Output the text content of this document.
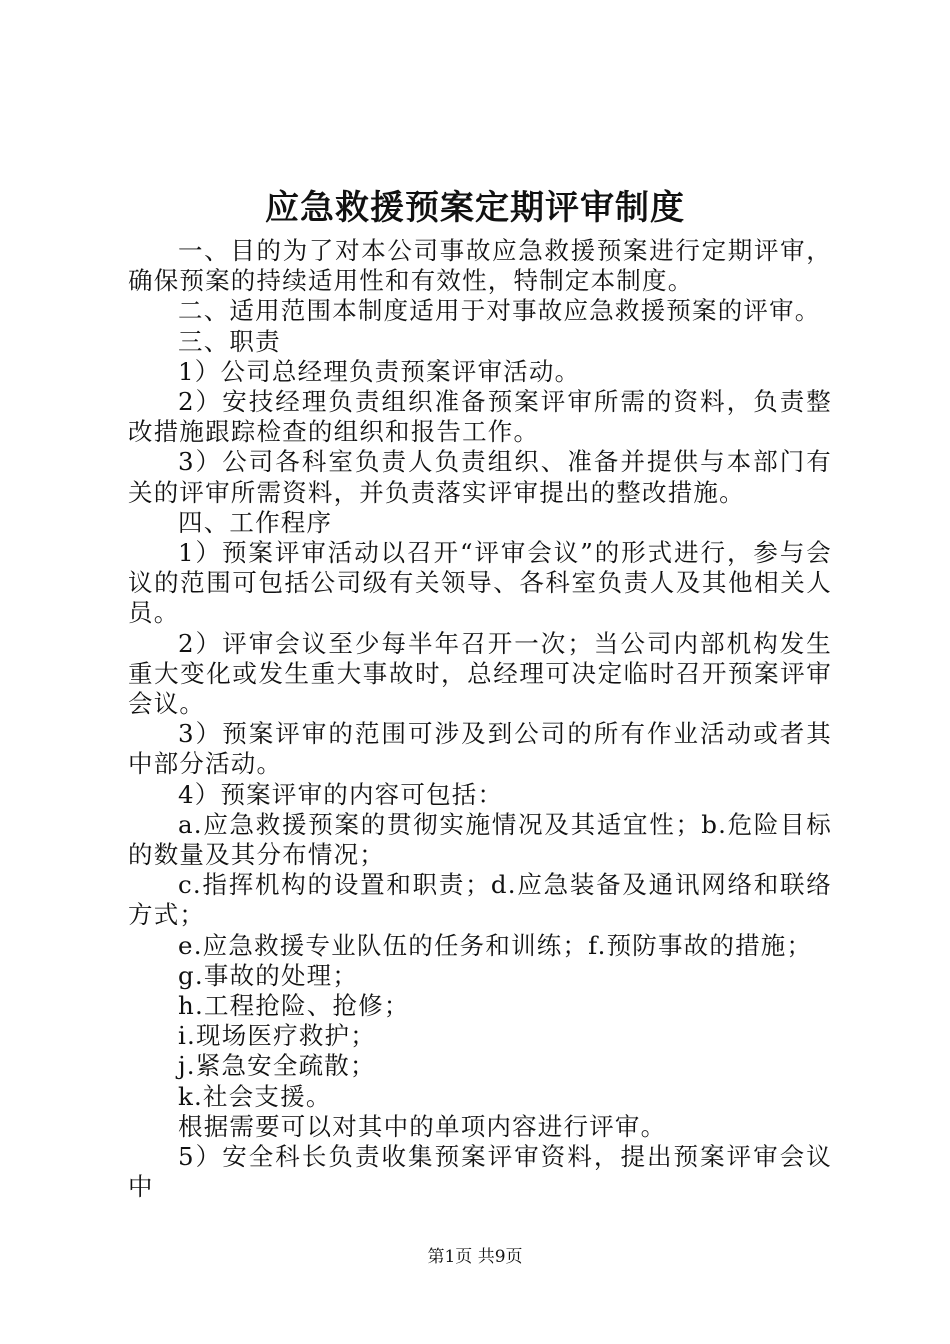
应急救援预案定期评审制度

一、目的为了对本公司事故应急救援预案进行定期评审，确保预案的持续适用性和有效性，特制定本制度。

二、适用范围本制度适用于对事故应急救援预案的评审。

三、职责

1）公司总经理负责预案评审活动。

2）安技经理负责组织准备预案评审所需的资料，负责整改措施跟踪检查的组织和报告工作。

3）公司各科室负责人负责组织、准备并提供与本部门有关的评审所需资料，并负责落实评审提出的整改措施。

四、工作程序

1）预案评审活动以召开“评审会议”的形式进行，参与会议的范围可包括公司级有关领导、各科室负责人及其他相关人员。

2）评审会议至少每半年召开一次；当公司内部机构发生重大变化或发生重大事故时，总经理可决定临时召开预案评审会议。

3）预案评审的范围可涉及到公司的所有作业活动或者其中部分活动。

4）预案评审的内容可包括：

a.应急救援预案的贯彻实施情况及其适宜性；b.危险目标的数量及其分布情况；

c.指挥机构的设置和职责；d.应急装备及通讯网络和联络方式；

e.应急救援专业队伍的任务和训练；f.预防事故的措施；

g.事故的处理；

h.工程抢险、抢修；

i.现场医疗救护；

j.紧急安全疏散；

k.社会支援。

根据需要可以对其中的单项内容进行评审。

5）安全科长负责收集预案评审资料，提出预案评审会议中

第1页 共9页
